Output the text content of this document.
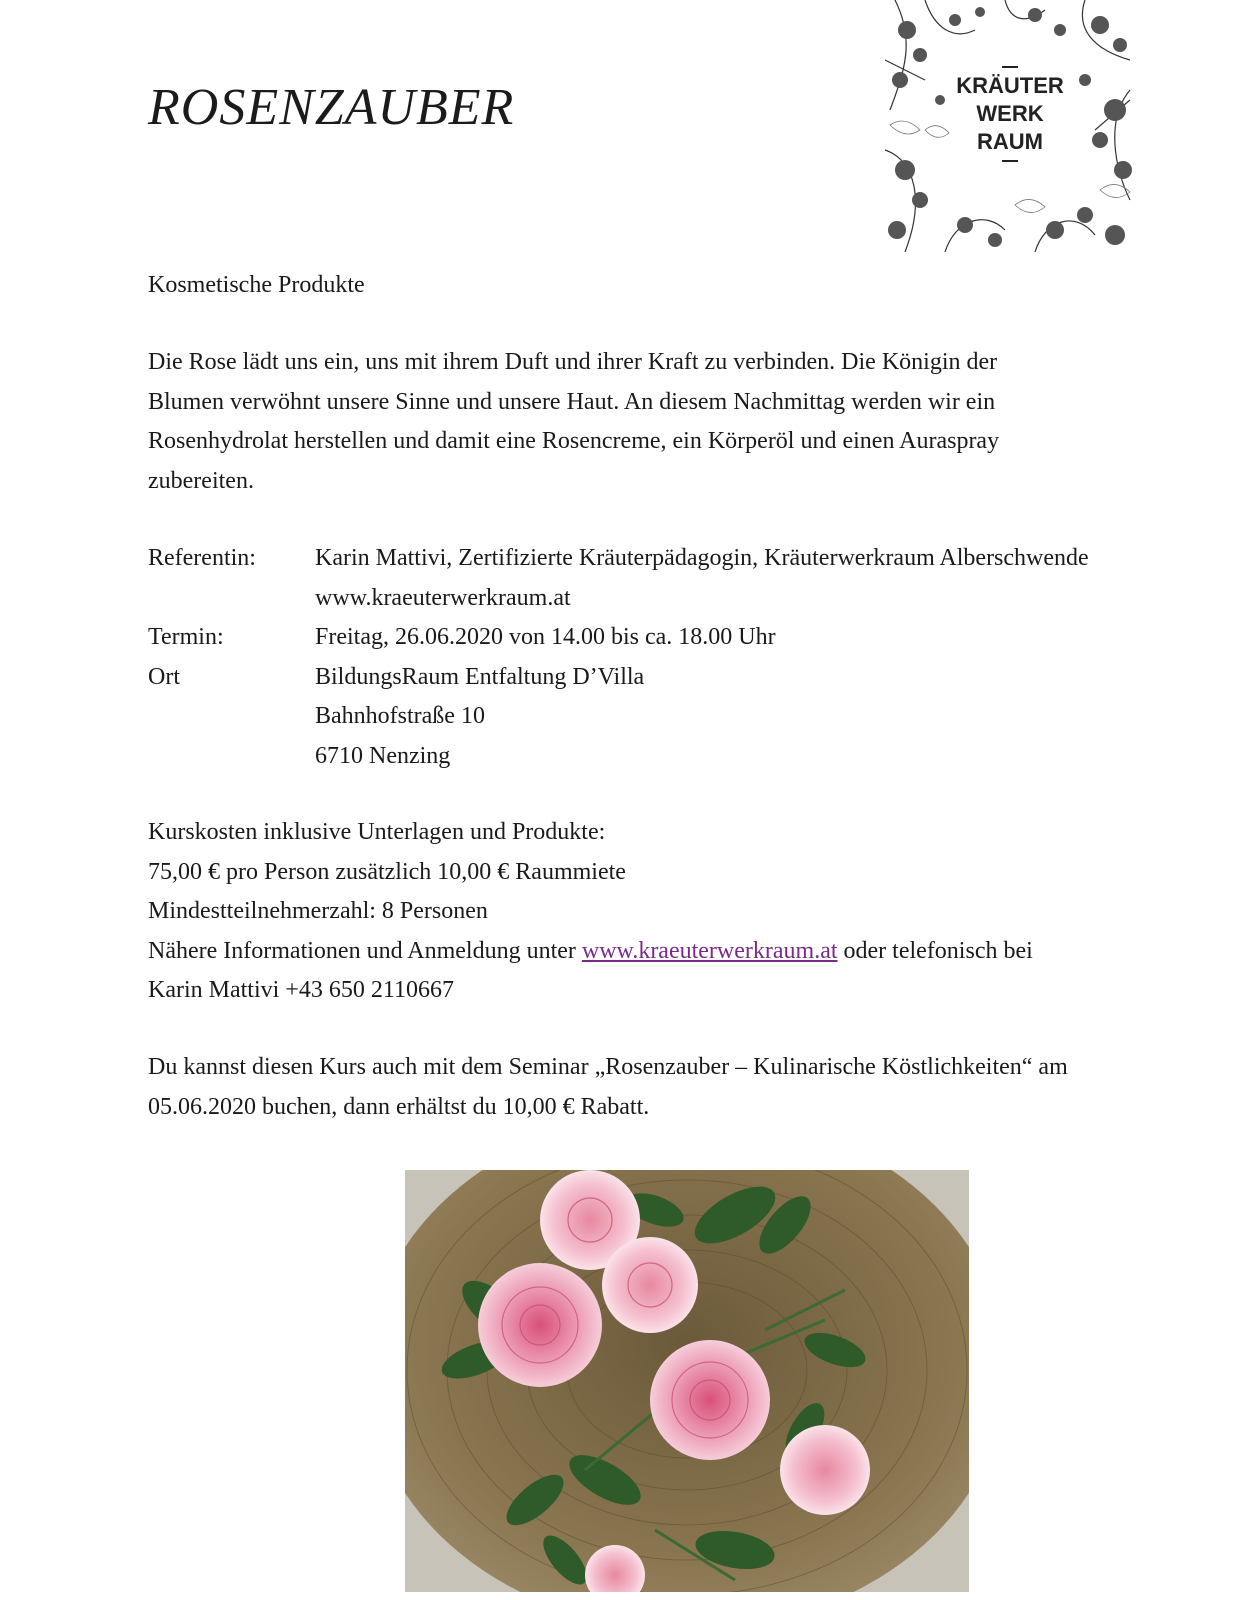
ROSENZAUBER	KRÄUTER
WERK
RAUM
Kosmetische Produkte
Die Rose lädt uns ein, uns mit ihrem Duft und ihrer Kraft zu verbinden. Die Königin der
Blumen verwöhnt unsere Sinne und unsere Haut. An diesem Nachmittag werden wir ein
Rosenhydrolat herstellen und damit eine Rosencreme, ein Körperöl und einen Auraspray
zubereiten.
Referentin:	Karin Mattivi, Zertifizierte Kräuterpädagogin, Kräuterwerkraum Alberschwende
www.kraeuterwerkraum.at
Termin:	Freitag, 26.06.2020 von 14.00 bis ca. 18.00 Uhr
Ort	BildungsRaum Entfaltung D’Villa
Bahnhofstraße 10
6710 Nenzing
Kurskosten inklusive Unterlagen und Produkte:
75,00 € pro Person zusätzlich 10,00 € Raummiete
Mindestteilnehmerzahl: 8 Personen
Nähere Informationen und Anmeldung unter www.kraeuterwerkraum.at oder telefonisch bei
Karin Mattivi +43 650 2110667
Du kannst diesen Kurs auch mit dem Seminar „Rosenzauber – Kulinarische Köstlichkeiten“ am
05.06.2020 buchen, dann erhältst du 10,00 € Rabatt.
